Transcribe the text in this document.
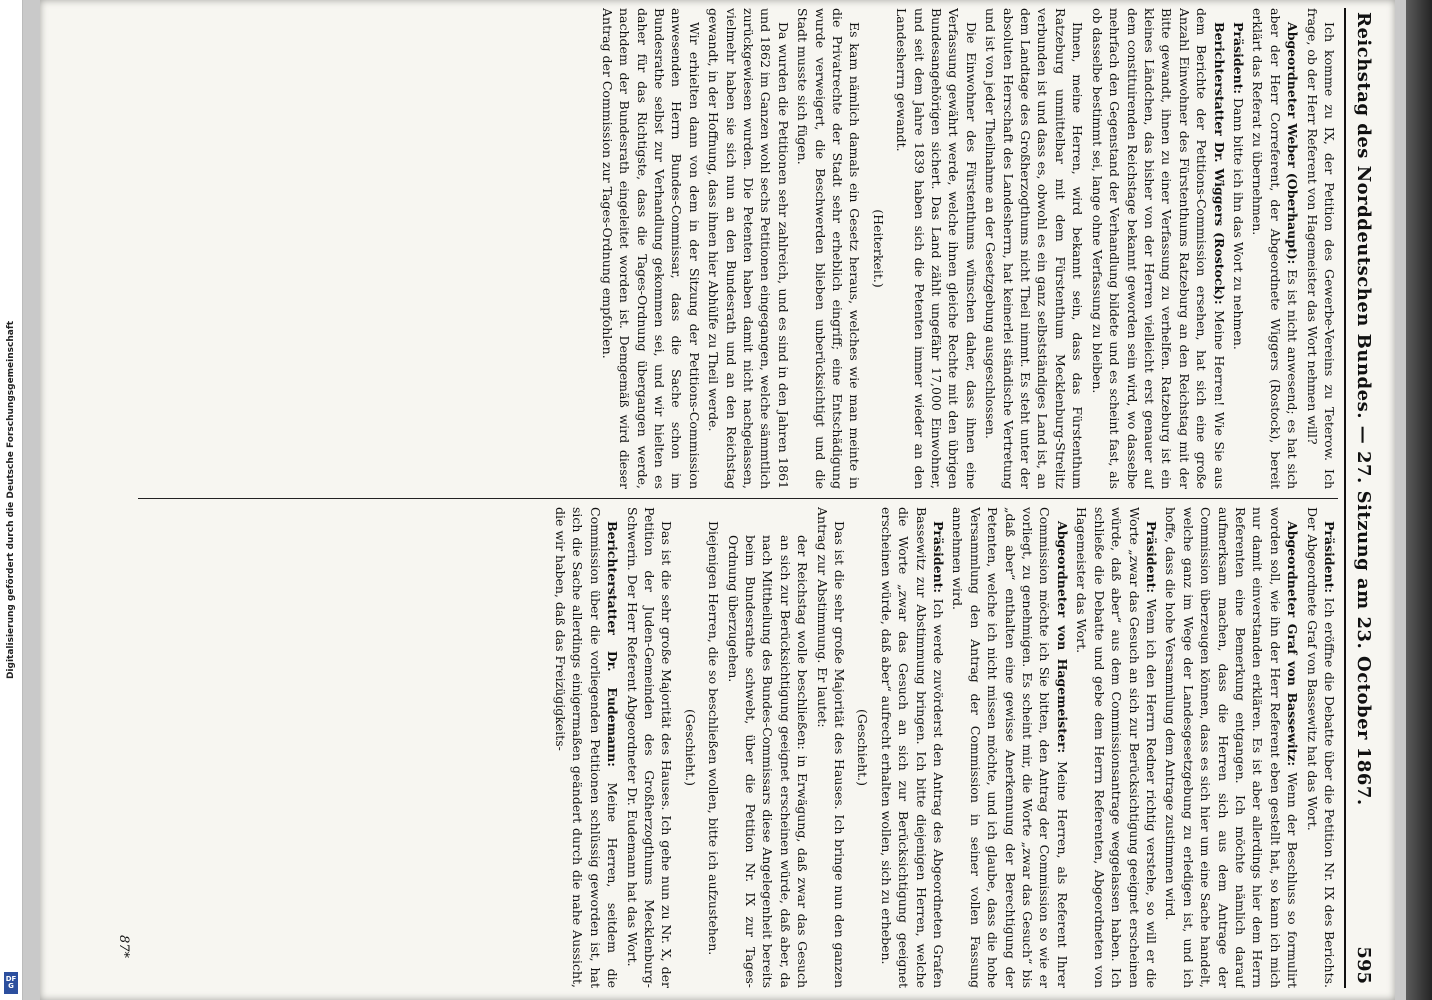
Reichstag des Norddeutschen Bundes. — 27. Sitzung am 23. October 1867.
595

Ich komme zu IX, der Petition des Gewerbe-Vereins zu Teterow. Ich frage, ob der Herr Referent von Hagemeister das Wort nehmen will?

Abgeordneter Weber (Oberhaupt): Es ist nicht anwesend; es hat sich aber der Herr Correferent, der Abgeordnete Wiggers (Rostock), bereit erklärt das Referat zu übernehmen.

Präsident: Dann bitte ich ihn das Wort zu nehmen.

Berichterstatter Dr. Wiggers (Rostock): Meine Herren! Wie Sie aus dem Berichte der Petitions-Commission ersehen, hat sich eine große Anzahl Einwohner des Fürstenthums Ratzeburg an den Reichstag mit der Bitte gewandt, ihnen zu einer Verfassung zu verhelfen. Ratzeburg ist ein kleines Ländchen, das bisher von der Herren vielleicht erst genauer auf dem constituirenden Reichstage bekannt geworden sein wird, wo dasselbe mehrfach den Gegenstand der Verhandlung bildete und es scheint fast, als ob dasselbe bestimmt sei, lange ohne Verfassung zu bleiben.

Ihnen, meine Herren, wird bekannt sein, dass das Fürstenthum Ratzeburg unmittelbar mit dem Fürstenthum Mecklenburg-Strelitz verbunden ist und dass es, obwohl es ein ganz selbstständiges Land ist, an dem Landtage des Großherzogthums nicht Theil nimmt. Es steht unter der absoluten Herrschaft des Landesherrn, hat keinerlei ständische Vertretung und ist von jeder Theilnahme an der Gesetzgebung ausgeschlossen.

Die Einwohner des Fürstenthums wünschen daher, dass ihnen eine Verfassung gewährt werde, welche ihnen gleiche Rechte mit den übrigen Bundesangehörigen sichert. Das Land zählt ungefähr 17,000 Einwohner, und seit dem Jahre 1839 haben sich die Petenten immer wieder an den Landesherrn gewandt.

(Heiterkeit.)

Es kam nämlich damals ein Gesetz heraus, welches wie man meinte in die Privatrechte der Stadt sehr erheblich eingriff; eine Entschädigung wurde verweigert, die Beschwerden blieben unberücksichtigt und die Stadt musste sich fügen.

Da wurden die Petitionen sehr zahlreich, und es sind in den Jahren 1861 und 1862 im Ganzen wohl sechs Petitionen eingegangen, welche sämmtlich zurückgewiesen wurden. Die Petenten haben damit nicht nachgelassen, vielmehr haben sie sich nun an den Bundesrath und an den Reichstag gewandt, in der Hoffnung, dass ihnen hier Abhülfe zu Theil werde.

Wir erhielten dann von dem in der Sitzung der Petitions-Commission anwesenden Herrn Bundes-Commissar, dass die Sache schon im Bundesrathe selbst zur Verhandlung gekommen sei, und wir hielten es daher für das Richtigste, dass die Tages-Ordnung übergangen werde, nachdem der Bundesrath eingeleitet worden ist. Demgemäß wird dieser Antrag der Commission zur Tages-Ordnung empfohlen.

Präsident: Ich eröffne die Debatte über die Petition Nr. IX des Berichts. Der Abgeordnete Graf von Bassewitz hat das Wort.

Abgeordneter Graf von Bassewitz: Wenn der Beschluss so formulirt worden soll, wie ihn der Herr Referent eben gestellt hat, so kann ich mich nur damit einverstanden erklären. Es ist aber allerdings hier dem Herrn Referenten eine Bemerkung entgangen. Ich möchte nämlich darauf aufmerksam machen, dass die Herren sich aus dem Antrage der Commission überzeugen können, dass es sich hier um eine Sache handelt, welche ganz im Wege der Landesgesetzgebung zu erledigen ist, und ich hoffe, dass die hohe Versammlung dem Antrage zustimmen wird.

Präsident: Wenn ich den Herrn Redner richtig verstehe, so will er die Worte „zwar das Gesuch an sich zur Berücksichtigung geeignet erscheinen würde, daß aber“ aus dem Commissionsantrage weggelassen haben. Ich schließe die Debatte und gebe dem Herrn Referenten, Abgeordneten von Hagemeister das Wort.

Abgeordneter von Hagemeister: Meine Herren, als Referent Ihrer Commission möchte ich Sie bitten, den Antrag der Commission so wie er vorliegt, zu genehmigen. Es scheint mir, die Worte „zwar das Gesuch“ bis „daß aber“ enthalten eine gewisse Anerkennung der Berechtigung der Petenten, welche ich nicht missen möchte, und ich glaube, dass die hohe Versammlung den Antrag der Commission in seiner vollen Fassung annehmen wird.

Präsident: Ich werde zuvörderst den Antrag des Abgeordneten Grafen Bassewitz zur Abstimmung bringen. Ich bitte diejenigen Herren, welche die Worte „zwar das Gesuch an sich zur Berücksichtigung geeignet erscheinen würde, daß aber“ aufrecht erhalten wollen, sich zu erheben.

(Geschieht.)

Das ist die sehr große Majorität des Hauses. Ich bringe nun den ganzen Antrag zur Abstimmung. Er lautet:

der Reichstag wolle beschließen: in Erwägung, daß zwar das Gesuch an sich zur Berücksichtigung geeignet erscheinen würde, daß aber, da nach Mittheilung des Bundes-Commissars diese Angelegenheit bereits beim Bundesrathe schwebt, über die Petition Nr. IX zur Tages-Ordnung überzugehen.

Diejenigen Herren, die so beschließen wollen, bitte ich aufzustehen.

(Geschieht.)

Das ist die sehr große Majorität des Hauses. Ich gehe nun zu Nr. X, der Petition der Juden-Gemeinden des Großherzogthums Mecklenburg-Schwerin. Der Herr Referent Abgeordneter Dr. Eudemann hat das Wort.

Berichterstatter Dr. Eudemann: Meine Herren, seitdem die Commission über die vorliegenden Petitionen schlüssig geworden ist, hat sich die Sache allerdings einigermaßen geändert durch die nahe Aussicht, die wir haben, daß das Freizügigkeits-

87*
Digitalisierung gefördert durch die Deutsche Forschungsgemeinschaft
DF
G
